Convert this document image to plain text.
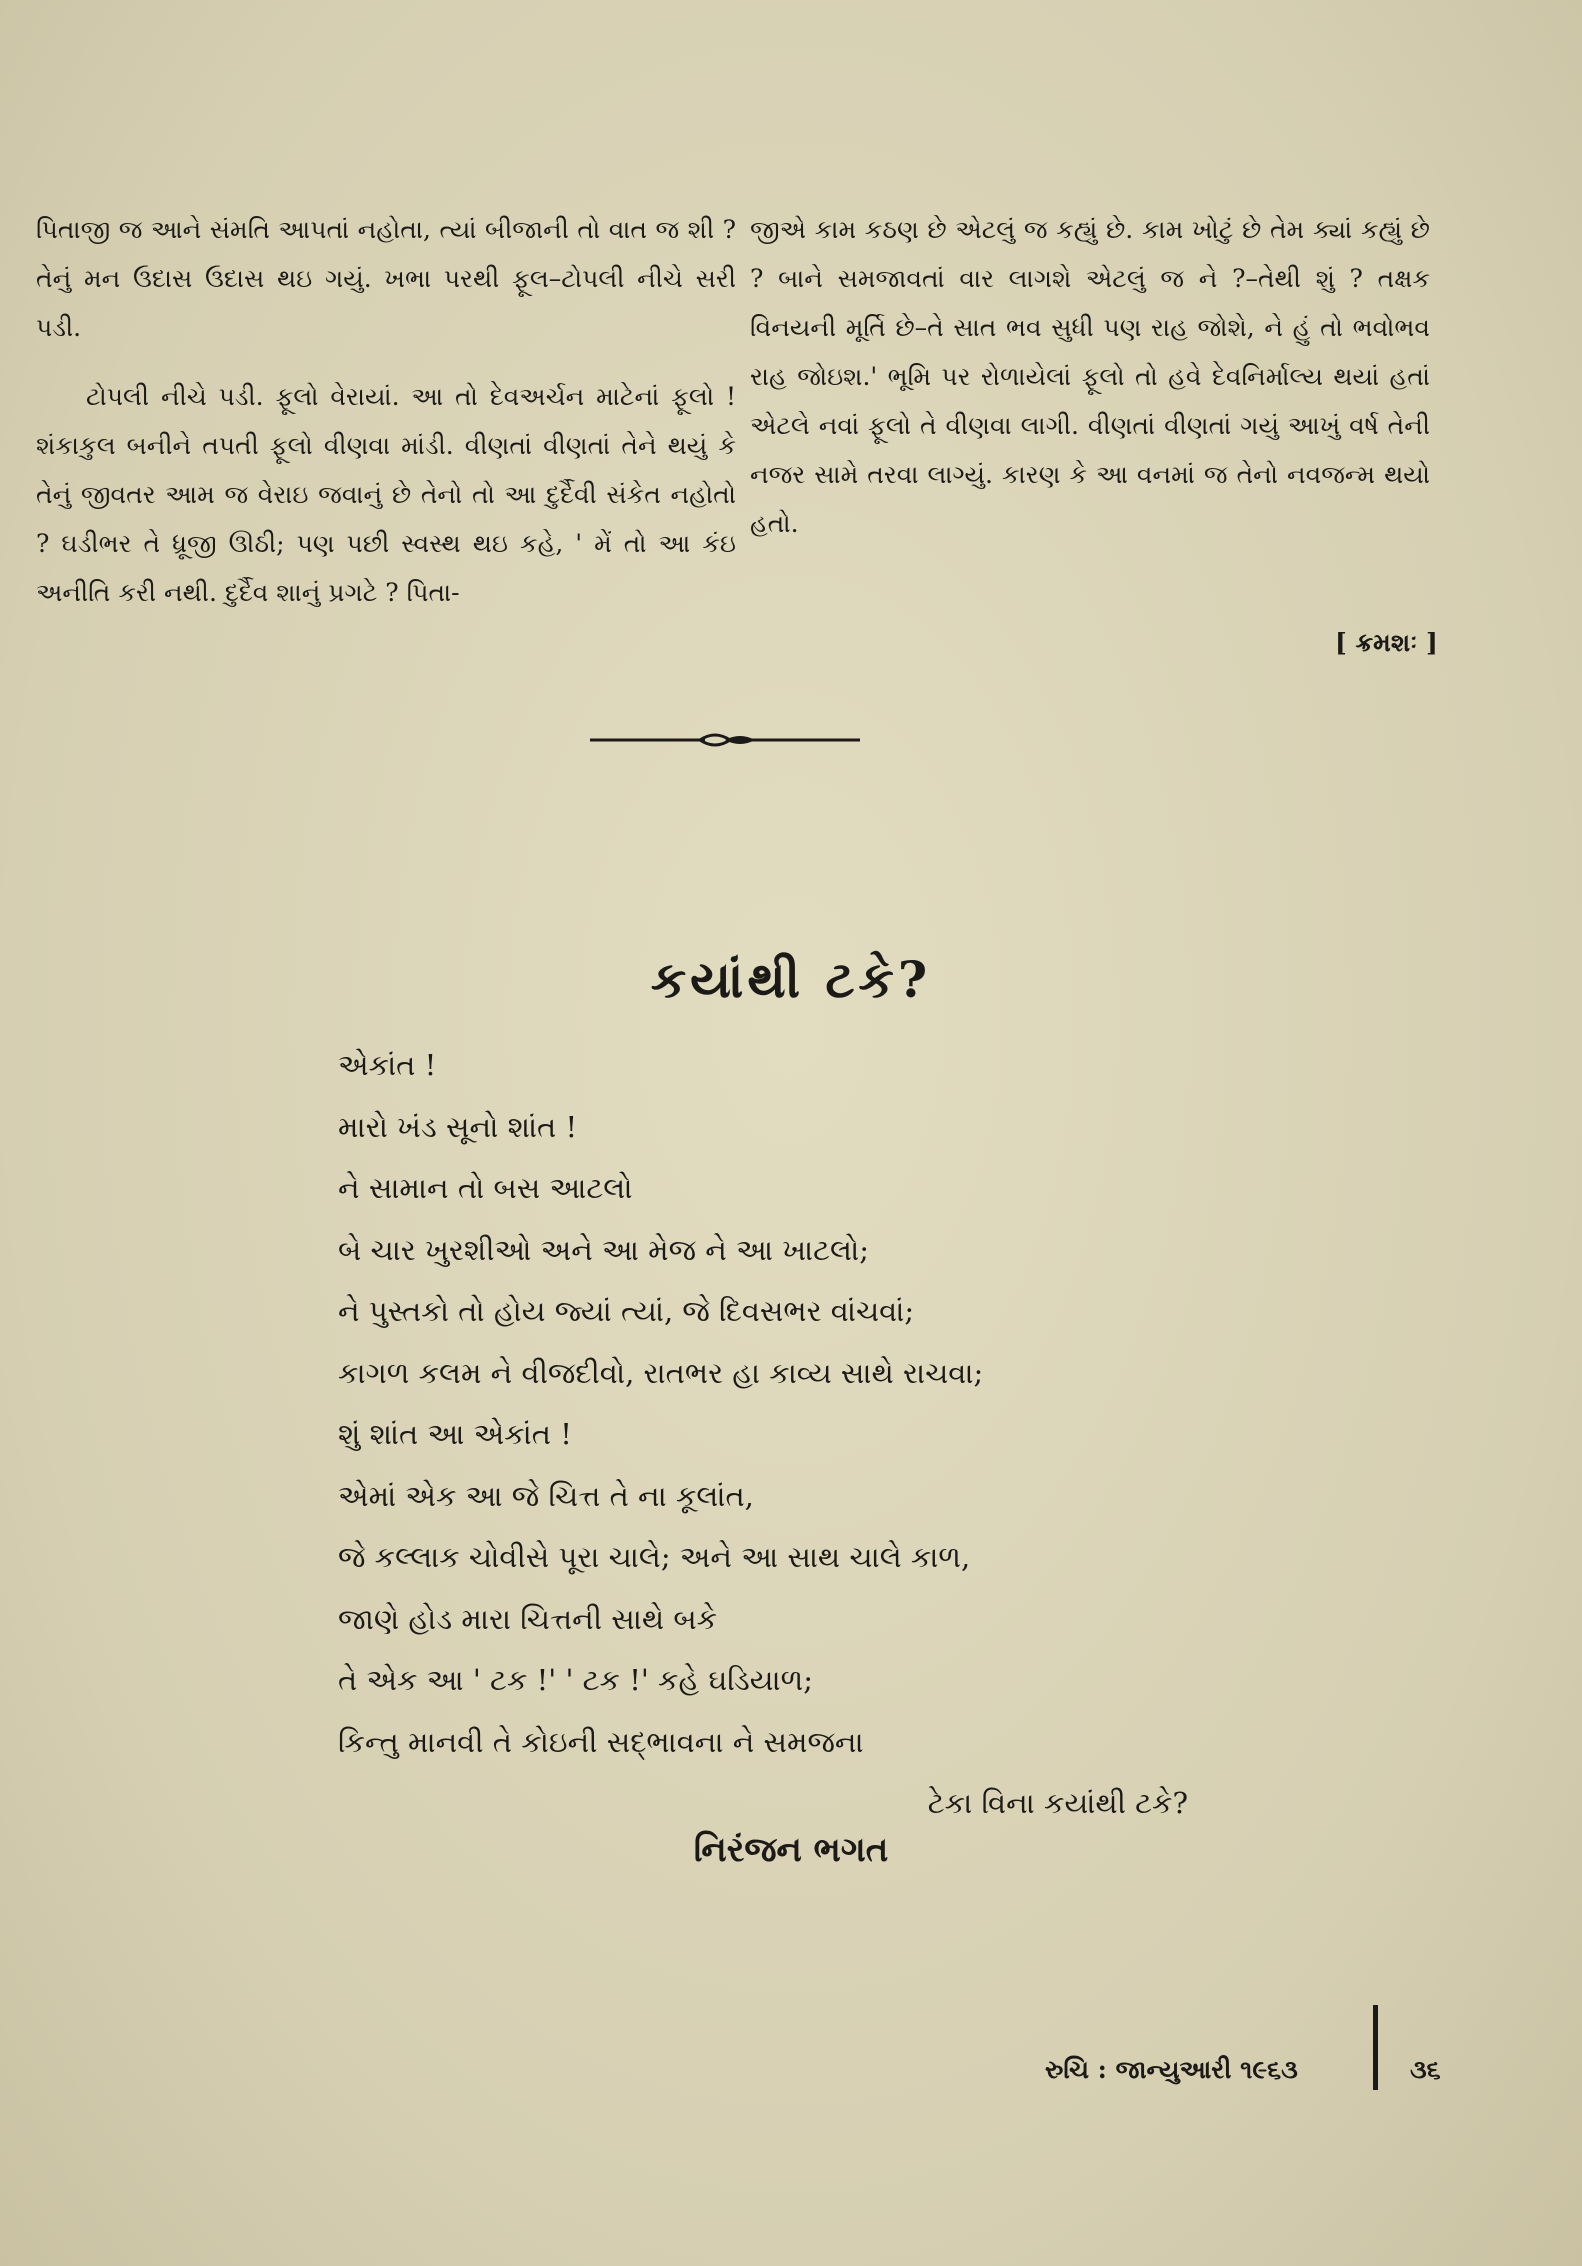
પિતાજી જ આને સંમતિ આપતાં નહોતા, ત્યાં બીજાની તો વાત જ શી ? તેનું મન ઉદાસ ઉદાસ થઇ ગયું. ખભા પરથી ફૂલ–ટોપલી નીચે સરી પડી.

ટોપલી નીચે પડી. ફૂલો વેરાયાં. આ તો દેવઅર્ચન માટેનાં ફૂલો ! શંકાકુલ બનીને તપતી ફૂલો વીણવા માંડી. વીણતાં વીણતાં તેને થયું કે તેનું જીવતર આમ જ વેરાઇ જવાનું છે તેનો તો આ દુર્દૈવી સંકેત નહોતો ? ઘડીભર તે ધ્રૂજી ઊઠી; પણ પછી સ્વસ્થ થઇ કહે, ' મેં તો આ કંઇ અનીતિ કરી નથી. દુર્દૈવ શાનું પ્રગટે ? પિતા-

જીએ કામ કઠણ છે એટલું જ કહ્યું છે. કામ ખોટું છે તેમ ક્યાં કહ્યું છે ? બાને સમજાવતાં વાર લાગશે એટલું જ ને ?–તેથી શું ? તક્ષક વિનયની મૂર્તિ છે–તે સાત ભવ સુધી પણ રાહ જોશે, ને હું તો ભવોભવ રાહ જોઇશ.' ભૂમિ પર રોળાયેલાં ફૂલો તો હવે દેવનિર્માલ્ય થયાં હતાં એટલે નવાં ફૂલો તે વીણવા લાગી. વીણતાં વીણતાં ગયું આખું વર્ષ તેની નજર સામે તરવા લાગ્યું. કારણ કે આ વનમાં જ તેનો નવજન્મ થયો હતો.

[ ક્રમશઃ ]
કયાંથી ટકે?
એકાંત !
મારો ખંડ સૂનો શાંત !
ને સામાન તો બસ આટલો
બે ચાર ખુરશીઓ અને આ મેજ ને આ ખાટલો;
ને પુસ્તકો તો હોય જ્યાં ત્યાં, જે દિવસભર વાંચવાં;
કાગળ કલમ ને વીજદીવો, રાતભર હા કાવ્ય સાથે રાચવા;
શું શાંત આ એકાંત !
એમાં એક આ જે ચિત્ત તે ના કૂલાંત,
જે કલ્લાક ચોવીસે પૂરા ચાલે; અને આ સાથ ચાલે કાળ,
જાણે હોડ મારા ચિત્તની સાથે બકે
તે એક આ ' ટક !' ' ટક !' કહે ઘડિયાળ;
કિન્તુ માનવી તે કોઇની સદ્ભાવના ને સમજના
ટેકા વિના કયાંથી ટકે?
નિરંજન ભગત
રુચિ : જાન્યુઆરી ૧૯૬૩	૩૬
